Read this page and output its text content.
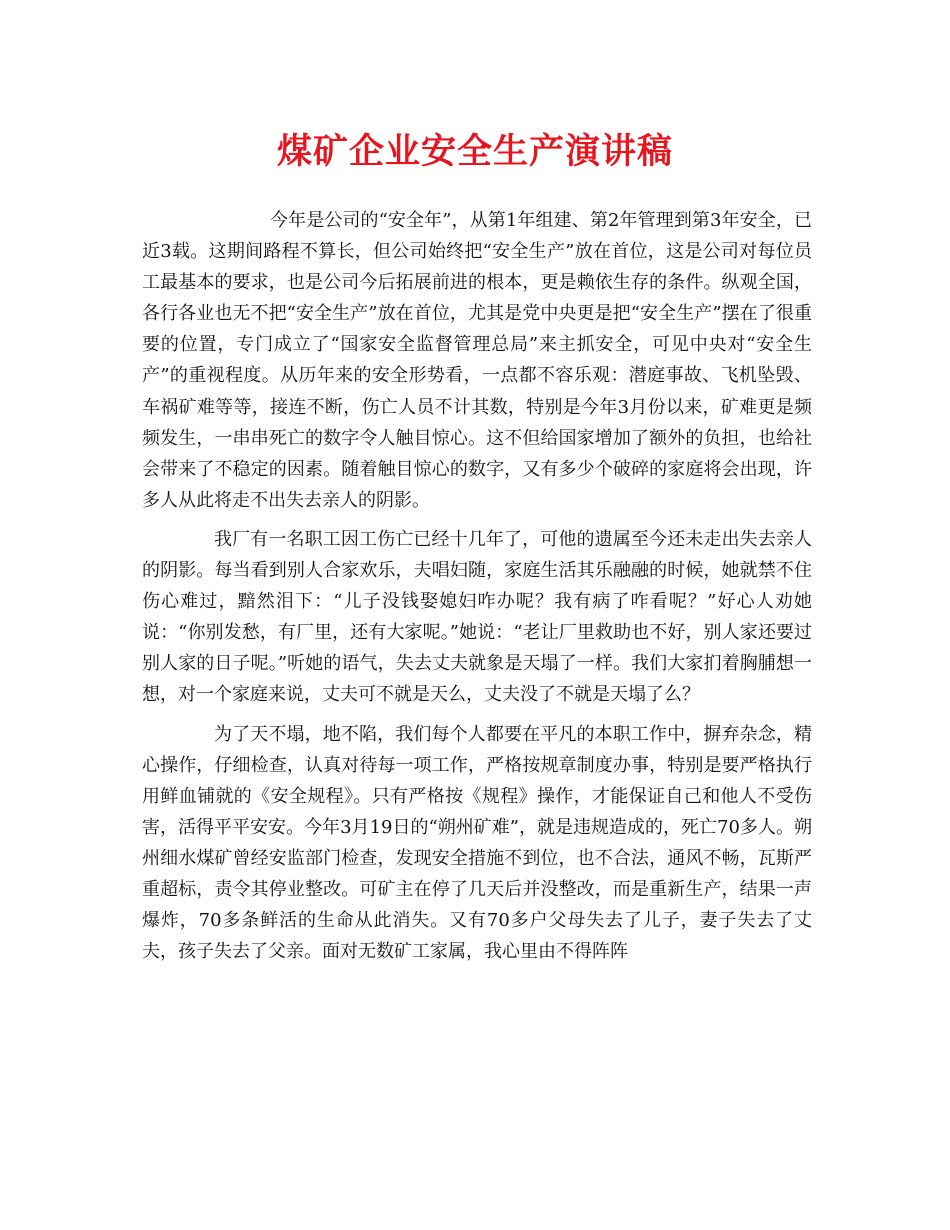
煤矿企业安全生产演讲稿

今年是公司的“安全年”，从第1年组建、第2年管理到第3年安全，已近3载。这期间路程不算长，但公司始终把“安全生产”放在首位，这是公司对每位员工最基本的要求，也是公司今后拓展前进的根本，更是赖依生存的条件。纵观全国，各行各业也无不把“安全生产”放在首位，尤其是党中央更是把“安全生产”摆在了很重要的位置，专门成立了“国家安全监督管理总局”来主抓安全，可见中央对“安全生产”的重视程度。从历年来的安全形势看，一点都不容乐观：潜庭事故、飞机坠毁、车祸矿难等等，接连不断，伤亡人员不计其数，特别是今年3月份以来，矿难更是频频发生，一串串死亡的数字令人触目惊心。这不但给国家增加了额外的负担，也给社会带来了不稳定的因素。随着触目惊心的数字，又有多少个破碎的家庭将会出现，许多人从此将走不出失去亲人的阴影。

我厂有一名职工因工伤亡已经十几年了，可他的遗属至今还未走出失去亲人的阴影。每当看到别人合家欢乐，夫唱妇随，家庭生活其乐融融的时候，她就禁不住伤心难过，黯然泪下：“儿子没钱娶媳妇咋办呢？我有病了咋看呢？”好心人劝她说：“你别发愁，有厂里，还有大家呢。”她说：“老让厂里救助也不好，别人家还要过别人家的日子呢。”听她的语气，失去丈夫就象是天塌了一样。我们大家扪着胸脯想一想，对一个家庭来说，丈夫可不就是天么，丈夫没了不就是天塌了么？

为了天不塌，地不陷，我们每个人都要在平凡的本职工作中，摒弃杂念，精心操作，仔细检查，认真对待每一项工作，严格按规章制度办事，特别是要严格执行用鲜血铺就的《安全规程》。只有严格按《规程》操作，才能保证自己和他人不受伤害，活得平平安安。今年3月19日的“朔州矿难”，就是违规造成的，死亡70多人。朔州细水煤矿曾经安监部门检查，发现安全措施不到位，也不合法，通风不畅，瓦斯严重超标，责令其停业整改。可矿主在停了几天后并没整改，而是重新生产，结果一声爆炸，70多条鲜活的生命从此消失。又有70多户父母失去了儿子，妻子失去了丈夫，孩子失去了父亲。面对无数矿工家属，我心里由不得阵阵
